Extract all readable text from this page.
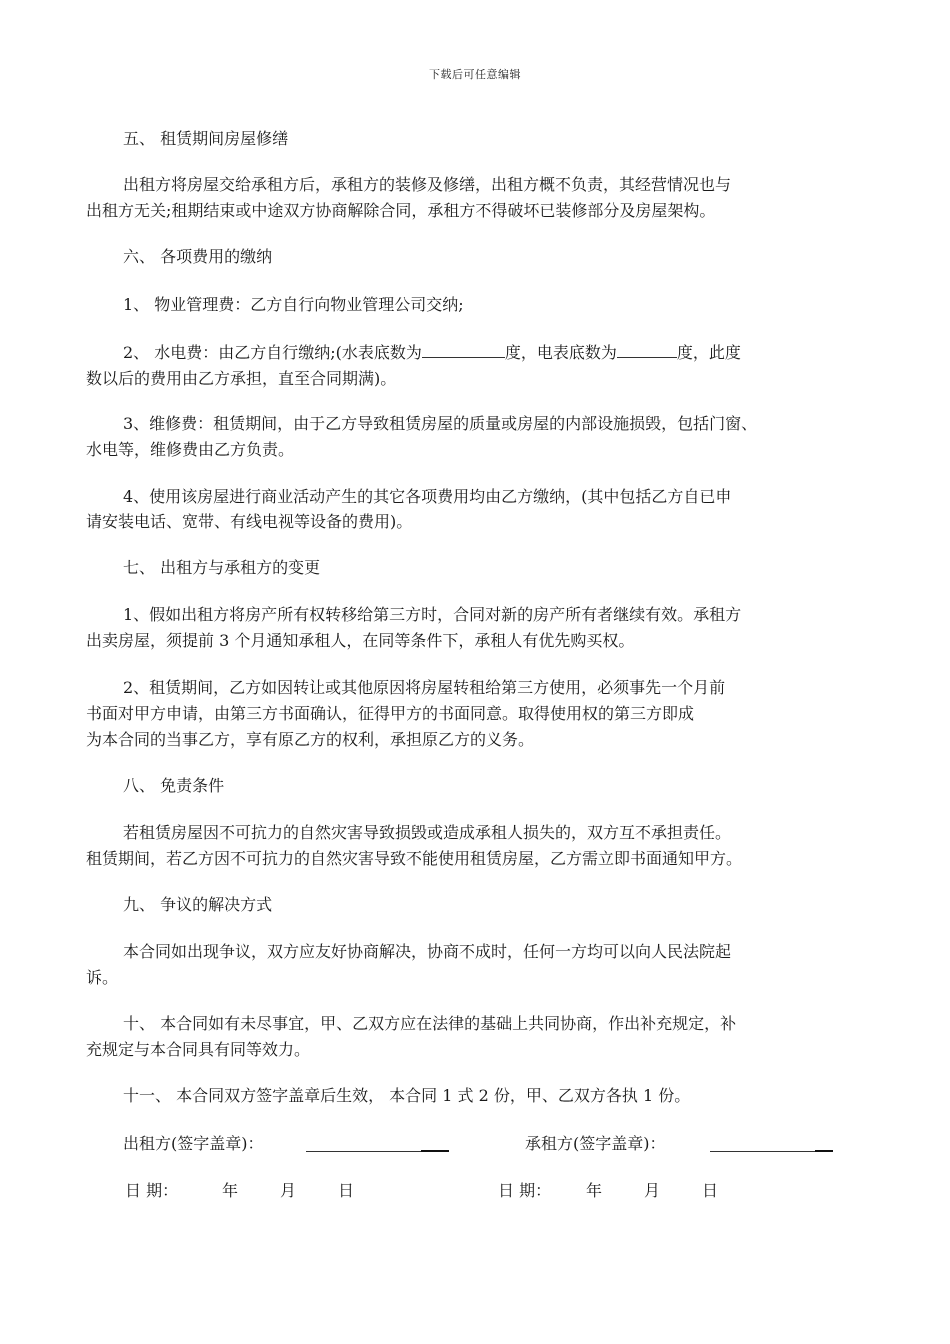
下载后可任意编辑
五、 租赁期间房屋修缮
出租方将房屋交给承租方后，承租方的装修及修缮，出租方概不负责，其经营情况也与
出租方无关;租期结束或中途双方协商解除合同，承租方不得破坏已装修部分及房屋架构。
六、 各项费用的缴纳
1、 物业管理费：乙方自行向物业管理公司交纳;
2、 水电费：由乙方自行缴纳;(水表底数为	度，电表底数为	度，此度
数以后的费用由乙方承担，直至合同期满)。
3、维修费：租赁期间，由于乙方导致租赁房屋的质量或房屋的内部设施损毁，包括门窗、
水电等，维修费由乙方负责。
4、使用该房屋进行商业活动产生的其它各项费用均由乙方缴纳，(其中包括乙方自已申
请安装电话、宽带、有线电视等设备的费用)。
七、 出租方与承租方的变更
1、假如出租方将房产所有权转移给第三方时，合同对新的房产所有者继续有效。承租方
出卖房屋，须提前 3 个月通知承租人，在同等条件下，承租人有优先购买权。
2、租赁期间，乙方如因转让或其他原因将房屋转租给第三方使用，必须事先一个月前
书面对甲方申请，由第三方书面确认，征得甲方的书面同意。取得使用权的第三方即成
为本合同的当事乙方，享有原乙方的权利，承担原乙方的义务。
八、 免责条件
若租赁房屋因不可抗力的自然灾害导致损毁或造成承租人损失的，双方互不承担责任。
租赁期间，若乙方因不可抗力的自然灾害导致不能使用租赁房屋，乙方需立即书面通知甲方。
九、 争议的解决方式
本合同如出现争议，双方应友好协商解决，协商不成时，任何一方均可以向人民法院起
诉。
十、 本合同如有未尽事宜，甲、乙双方应在法律的基础上共同协商，作出补充规定，补
充规定与本合同具有同等效力。
十一、 本合同双方签字盖章后生效， 本合同 1 式 2 份，甲、乙双方各执 1 份。
出租方(签字盖章)：	承租方(签字盖章)：
日 期：	年	月	日	日 期： 年	月	日
